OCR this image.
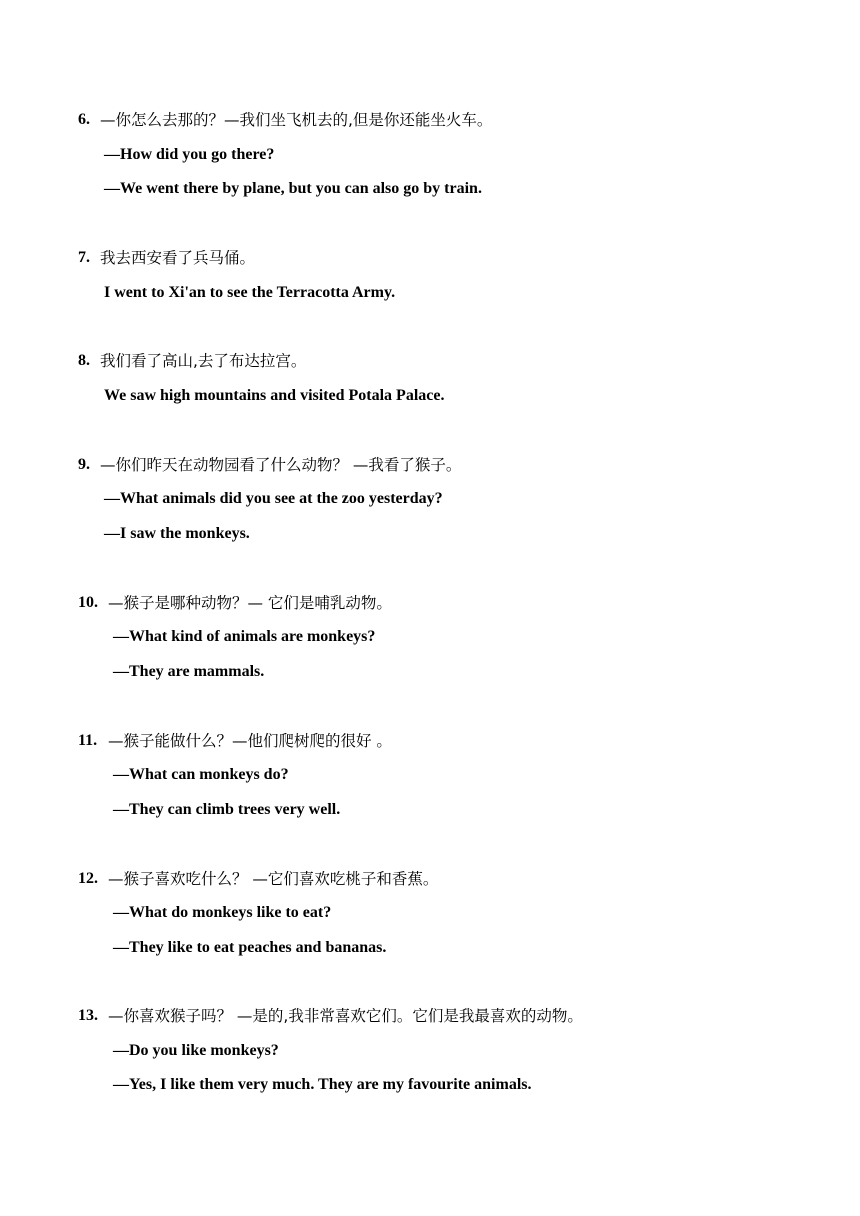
6. —你怎么去那的？—我们坐飞机去的,但是你还能坐火车。
—How did you go there?
—We went there by plane, but you can also go by train.
7. 我去西安看了兵马俑。
I went to Xi'an to see the Terracotta Army.
8. 我们看了高山,去了布达拉宫。
We saw high mountains and visited Potala Palace.
9. —你们昨天在动物园看了什么动物？ —我看了猴子。
—What animals did you see at the zoo yesterday?
—I saw the monkeys.
10. —猴子是哪种动物？— 它们是哺乳动物。
—What kind of animals are monkeys?
—They are mammals.
11. —猴子能做什么？—他们爬树爬的很好 。
—What can monkeys do?
—They can climb trees very well.
12. —猴子喜欢吃什么？ —它们喜欢吃桃子和香蕉。
—What do monkeys like to eat?
—They like to eat peaches and bananas.
13. —你喜欢猴子吗？ —是的,我非常喜欢它们。它们是我最喜欢的动物。
—Do you like monkeys?
—Yes, I like them very much. They are my favourite animals.
